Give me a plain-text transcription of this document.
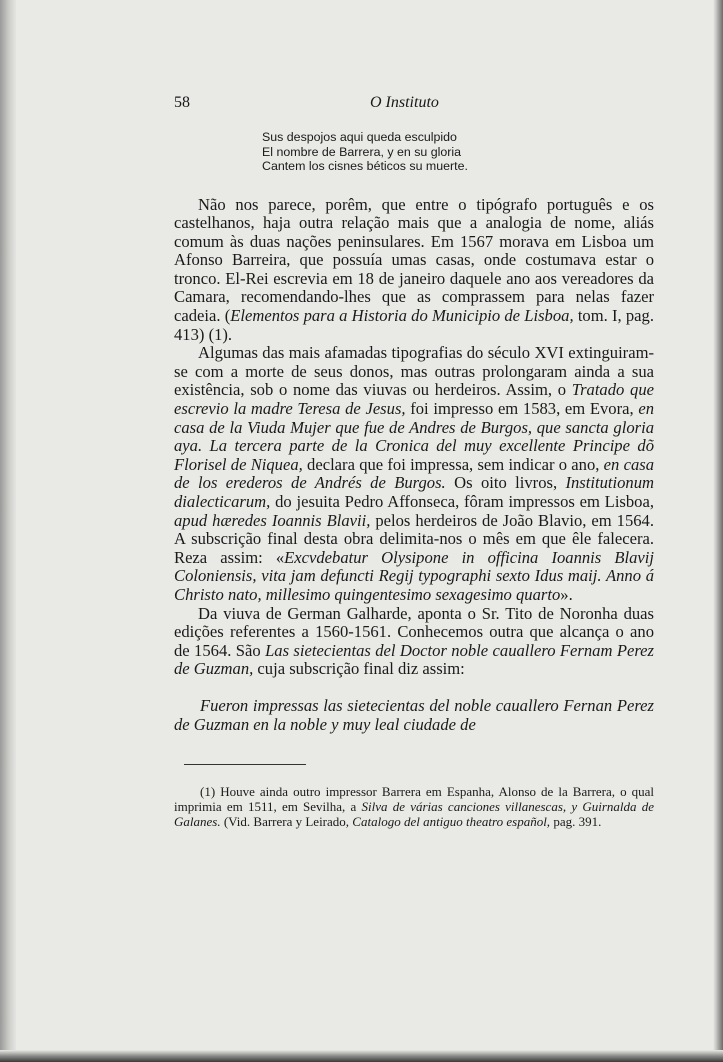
58	O Instituto
Sus despojos aqui queda esculpido
El nombre de Barrera, y en su gloria
Cantem los cisnes béticos su muerte.

Não nos parece, porêm, que entre o tipógrafo português e os castelhanos, haja outra relação mais que a analogia de nome, aliás comum às duas nações peninsulares. Em 1567 morava em Lisboa um Afonso Barreira, que possuía umas casas, onde costumava estar o tronco. El-Rei escrevia em 18 de janeiro daquele ano aos vereadores da Camara, recomendando-lhes que as comprassem para nelas fazer cadeia. (Elementos para a Historia do Municipio de Lisboa, tom. I, pag. 413) (1).

Algumas das mais afamadas tipografias do século XVI extinguiram-se com a morte de seus donos, mas outras prolongaram ainda a sua existência, sob o nome das viuvas ou herdeiros. Assim, o Tratado que escrevio la madre Teresa de Jesus, foi impresso em 1583, em Evora, en casa de la Viuda Mujer que fue de Andres de Burgos, que sancta gloria aya. La tercera parte de la Cronica del muy excellente Principe dõ Florisel de Niquea, declara que foi impressa, sem indicar o ano, en casa de los erederos de Andrés de Burgos. Os oito livros, Institutionum dialecticarum, do jesuita Pedro Affonseca, fôram impressos em Lisboa, apud hæredes Ioannis Blavii, pelos herdeiros de João Blavio, em 1564. A subscrição final desta obra delimita-nos o mês em que êle falecera. Reza assim: «Excvdebatur Olysipone in officina Ioannis Blavij Coloniensis, vita jam defuncti Regij typographi sexto Idus maij. Anno á Christo nato, millesimo quingentesimo sexagesimo quarto».

Da viuva de German Galharde, aponta o Sr. Tito de Noronha duas edições referentes a 1560-1561. Conhecemos outra que alcança o ano de 1564. São Las sietecientas del Doctor noble cauallero Fernam Perez de Guzman, cuja subscrição final diz assim:

Fueron impressas las sietecientas del noble cauallero Fernan Perez de Guzman en la noble y muy leal ciudade de
(1) Houve ainda outro impressor Barrera em Espanha, Alonso de la Barrera, o qual imprimia em 1511, em Sevilha, a Silva de várias canciones villanescas, y Guirnalda de Galanes. (Vid. Barrera y Leirado, Catalogo del antiguo theatro español, pag. 391.
